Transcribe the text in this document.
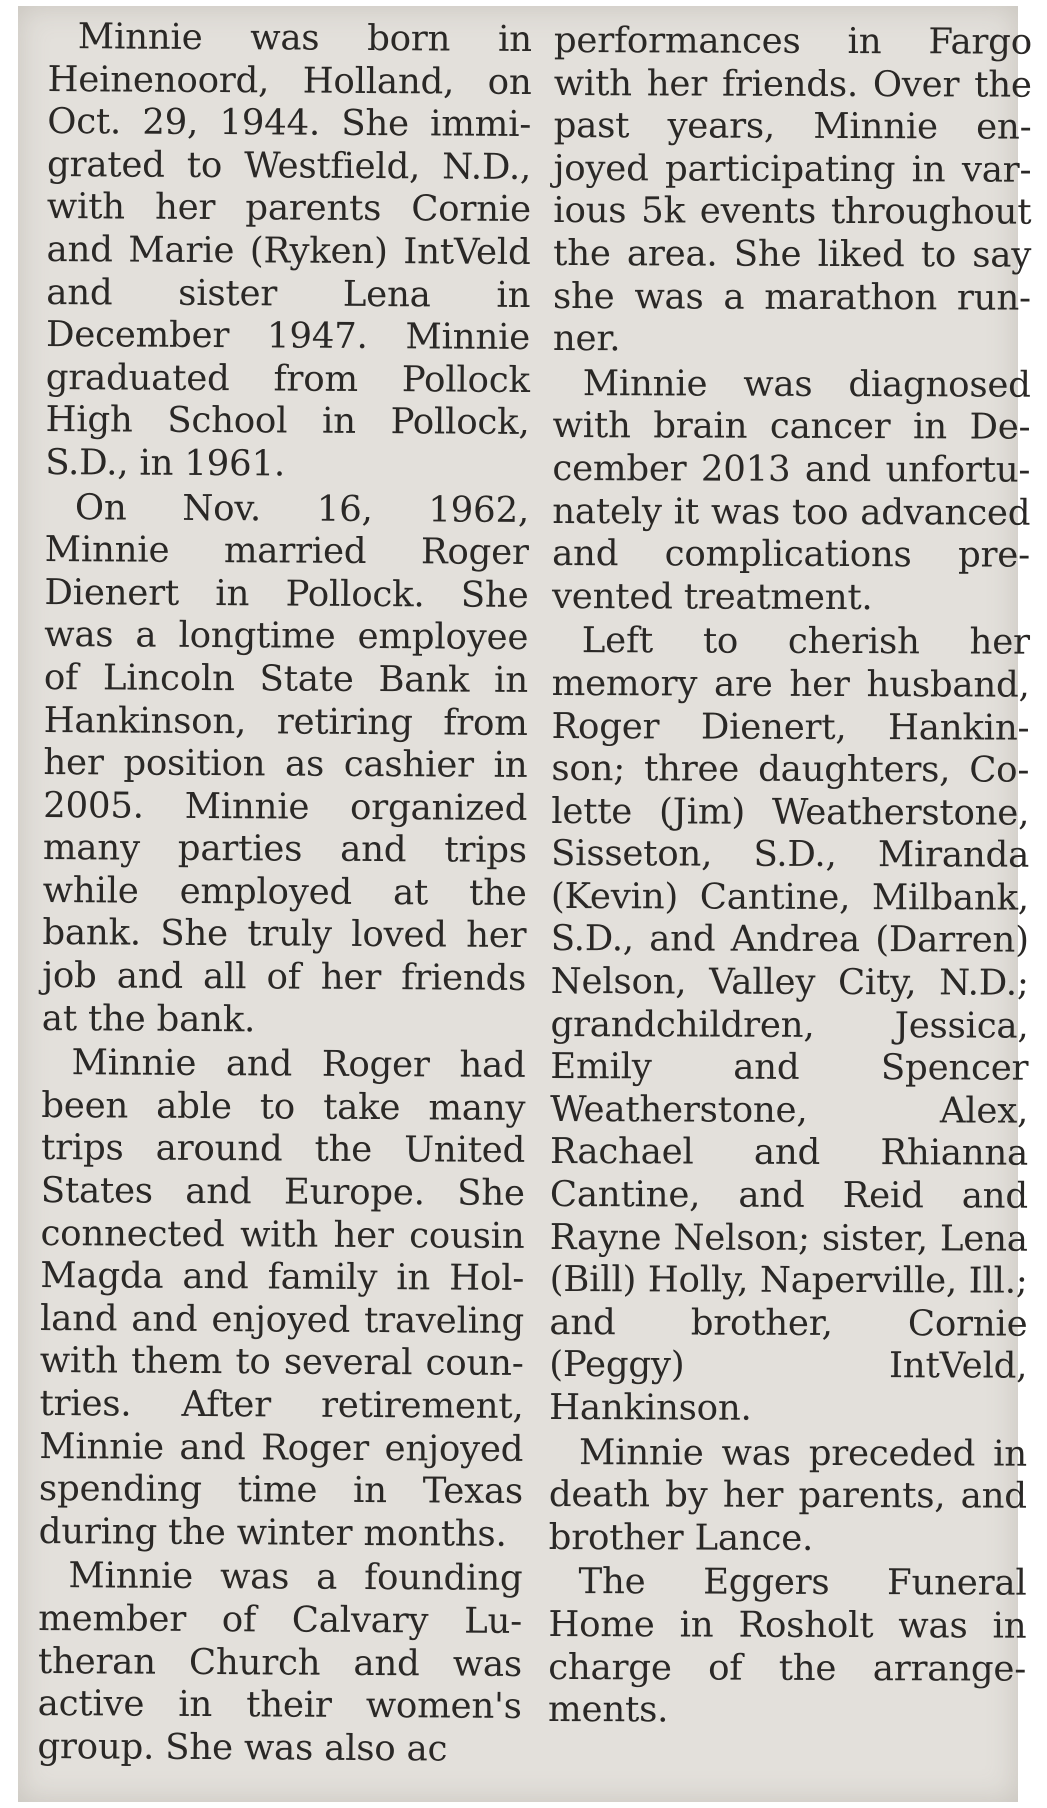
Minnie was born in Heinenoord, Holland, on Oct. 29, 1944. She immigrated to Westfield, N.D., with her parents Cornie and Marie (Ryken) IntVeld and sister Lena in December 1947. Minnie graduated from Pollock High School in Pollock, S.D., in 1961.

On Nov. 16, 1962, Minnie married Roger Dienert in Pollock. She was a longtime employee of Lincoln State Bank in Hankinson, retiring from her position as cashier in 2005. Minnie organized many parties and trips while employed at the bank. She truly loved her job and all of her friends at the bank.

Minnie and Roger had been able to take many trips around the United States and Europe. She connected with her cousin Magda and family in Holland and enjoyed traveling with them to several countries. After retirement, Minnie and Roger enjoyed spending time in Texas during the winter months.

Minnie was a founding member of Calvary Lutheran Church and was active in their women's group. She was also ac

performances in Fargo with her friends. Over the past years, Minnie enjoyed participating in various 5k events throughout the area. She liked to say she was a marathon runner.

Minnie was diagnosed with brain cancer in December 2013 and unfortunately it was too advanced and complications prevented treatment.

Left to cherish her memory are her husband, Roger Dienert, Hankinson; three daughters, Colette (Jim) Weatherstone, Sisseton, S.D., Miranda (Kevin) Cantine, Milbank, S.D., and Andrea (Darren) Nelson, Valley City, N.D.; grandchildren, Jessica, Emily and Spencer Weatherstone, Alex, Rachael and Rhianna Cantine, and Reid and Rayne Nelson; sister, Lena (Bill) Holly, Naperville, Ill.; and brother, Cornie (Peggy) IntVeld, Hankinson.

Minnie was preceded in death by her parents, and brother Lance.

The Eggers Funeral Home in Rosholt was in charge of the arrangements.
